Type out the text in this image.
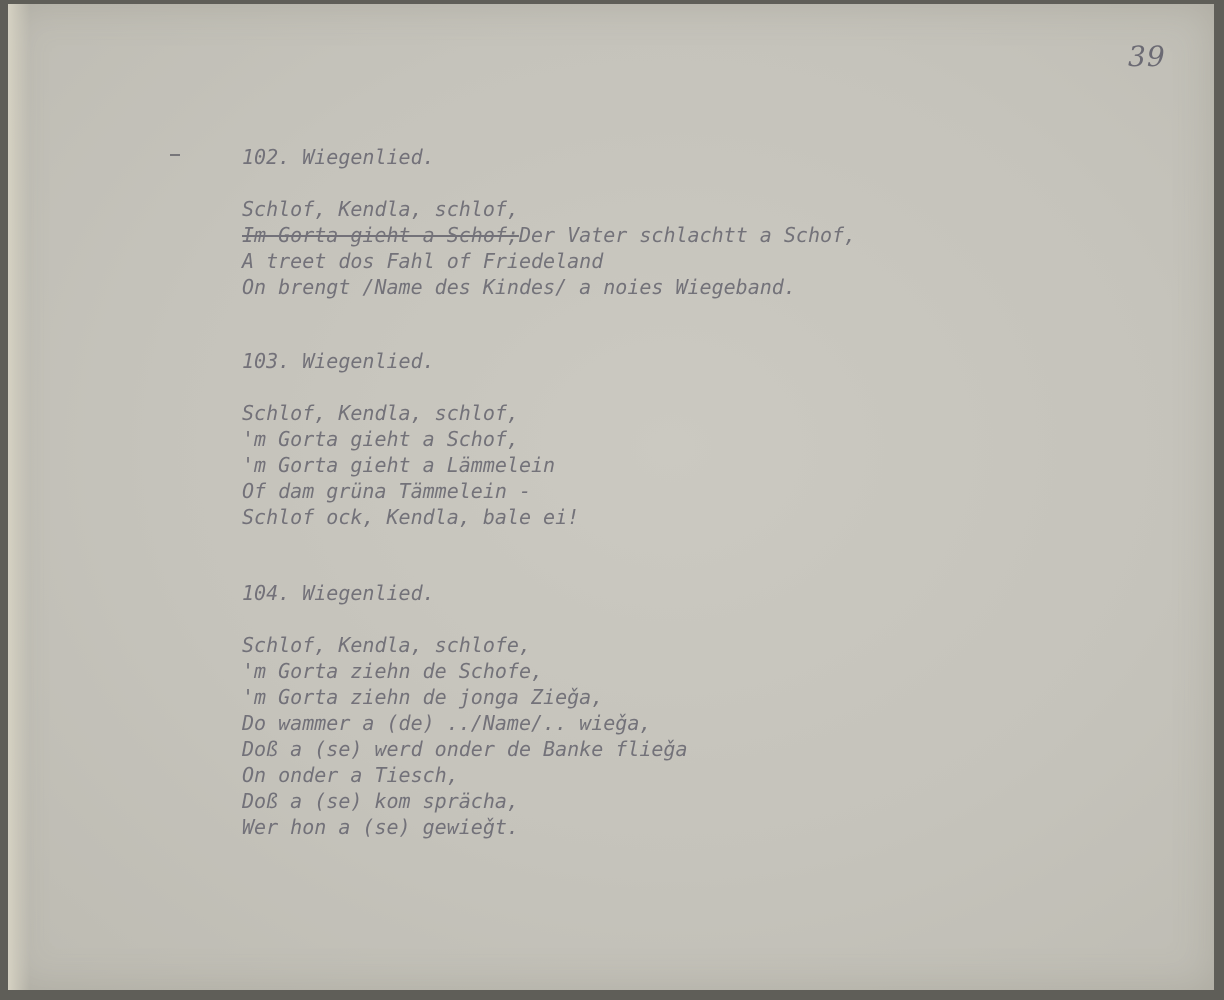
39
102. Wiegenlied.
Schlof, Kendla, schlof,
Im-Gorta-gieht-a-Schof;Der Vater schlachtt a Schof,
A treet dos Fahl of Friedeland
On brengt /Name des Kindes/ a noies Wiegeband.
103. Wiegenlied.
Schlof, Kendla, schlof,
'm Gorta gieht a Schof,
'm Gorta gieht a Lämmelein
Of dam grüna Tämmelein -
Schlof ock, Kendla, bale ei!
104. Wiegenlied.
Schlof, Kendla, schlofe,
'm Gorta ziehn de Schofe,
'm Gorta ziehn de jonga Zieǧa,
Do wammer a (de) ../Name/.. wieǧa,
Doß a (se) werd onder de Banke flieǧa
On onder a Tiesch,
Doß a (se) kom sprächa,
Wer hon a (se) gewieǧt.
